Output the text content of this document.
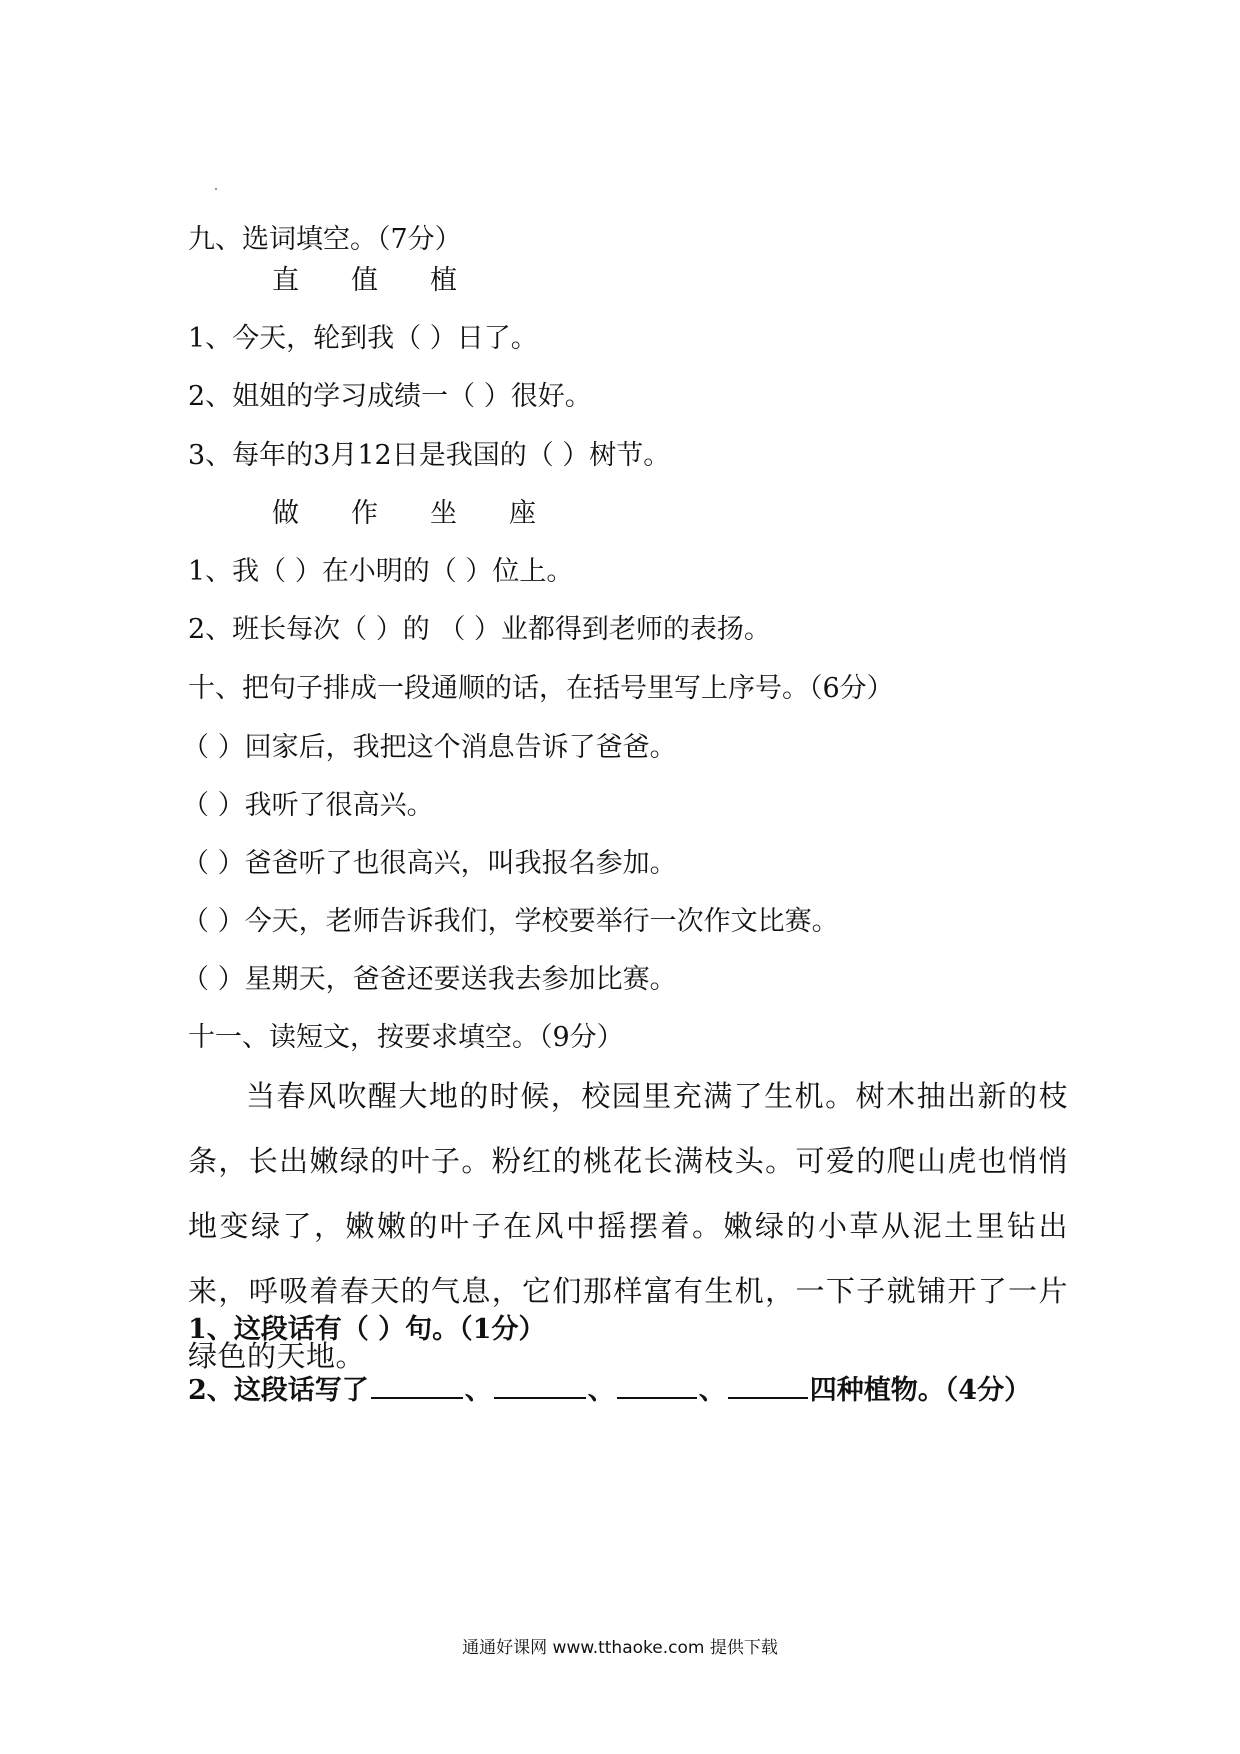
九、选词填空。（7分）
直 值 植
1、今天，轮到我（ ）日了。
2、姐姐的学习成绩一（ ）很好。
3、每年的3月12日是我国的（ ）树节。
做 作 坐 座
1、我（ ）在小明的（ ）位上。
2、班长每次（ ）的 （ ）业都得到老师的表扬。
十、把句子排成一段通顺的话，在括号里写上序号。（6分）
（ ）回家后，我把这个消息告诉了爸爸。
（ ）我听了很高兴。
（ ）爸爸听了也很高兴，叫我报名参加。
（ ）今天，老师告诉我们，学校要举行一次作文比赛。
（ ）星期天，爸爸还要送我去参加比赛。
十一、读短文，按要求填空。（9分）
当春风吹醒大地的时候，校园里充满了生机。树木抽出新的枝条，长出嫩绿的叶子。粉红的桃花长满枝头。可爱的爬山虎也悄悄地变绿了，嫩嫩的叶子在风中摇摆着。嫩绿的小草从泥土里钻出来，呼吸着春天的气息，它们那样富有生机，一下子就铺开了一片绿色的天地。
1、这段话有（ ）句。（1分）
2、这段话写了	、	、	、	四种植物。（4分）
通通好课网 www.tthaoke.com 提供下载
